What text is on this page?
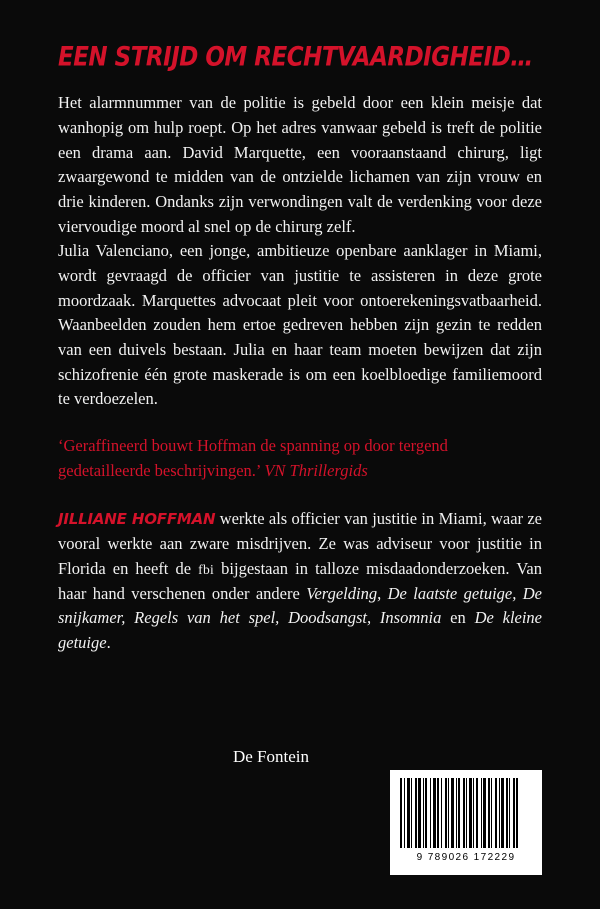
EEN STRIJD OM RECHTVAARDIGHEID…

Het alarmnummer van de politie is gebeld door een klein meisje dat wanhopig om hulp roept. Op het adres vanwaar gebeld is treft de politie een drama aan. David Marquette, een vooraanstaand chirurg, ligt zwaargewond te midden van de ontzielde lichamen van zijn vrouw en drie kinderen. Ondanks zijn verwondingen valt de verdenking voor deze viervoudige moord al snel op de chirurg zelf.

Julia Valenciano, een jonge, ambitieuze openbare aanklager in Miami, wordt gevraagd de officier van justitie te assisteren in deze grote moordzaak. Marquettes advocaat pleit voor ontoerekeningsvatbaarheid. Waanbeelden zouden hem ertoe gedreven hebben zijn gezin te redden van een duivels bestaan. Julia en haar team moeten bewijzen dat zijn schizofrenie één grote maskerade is om een koelbloedige familiemoord te verdoezelen.

‘Geraffineerd bouwt Hoffman de spanning op door tergend gedetailleerde beschrijvingen.’ VN Thrillergids
JILLIANE HOFFMAN werkte als officier van justitie in Miami, waar ze vooral werkte aan zware misdrijven. Ze was adviseur voor justitie in Florida en heeft de fbi bijgestaan in talloze misdaadonderzoeken. Van haar hand verschenen onder andere Vergelding, De laatste getuige, De snijkamer, Regels van het spel, Doodsangst, Insomnia en De kleine getuige.
De Fontein
9 789026 172229
